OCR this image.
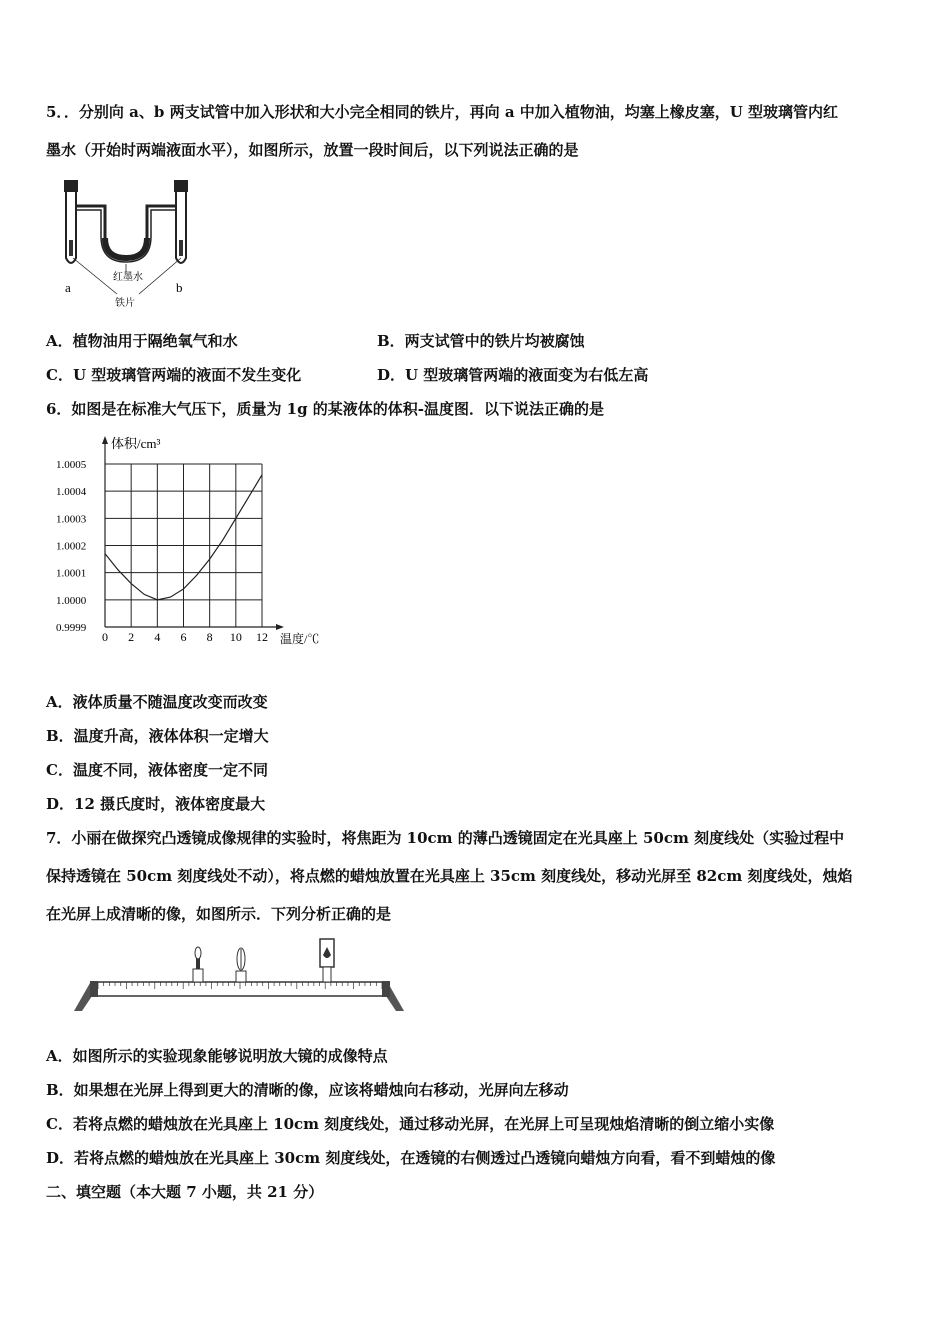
5．．分别向 a、b 两支试管中加入形状和大小完全相同的铁片，再向 a 中加入植物油，均塞上橡皮塞，U 型玻璃管内红
墨水（开始时两端液面水平），如图所示，放置一段时间后，以下列说法正确的是
红墨水
铁片
a	b
A．植物油用于隔绝氧气和水	B．两支试管中的铁片均被腐蚀
C．U 型玻璃管两端的液面不发生变化	D．U 型玻璃管两端的液面变为右低左高
6．如图是在标准大气压下，质量为 1g 的某液体的体积-温度图．以下说法正确的是
0 2 4 6 8 10 12
0.9999
1.0000
1.0001
1.0002
1.0003
1.0004
1.0005
体积/cm³
温度/℃
A．液体质量不随温度改变而改变
B．温度升高，液体体积一定增大
C．温度不同，液体密度一定不同
D．12 摄氏度时，液体密度最大
7．小丽在做探究凸透镜成像规律的实验时，将焦距为 10cm 的薄凸透镜固定在光具座上 50cm 刻度线处（实验过程中
保持透镜在 50cm 刻度线处不动），将点燃的蜡烛放置在光具座上 35cm 刻度线处，移动光屏至 82cm 刻度线处，烛焰
在光屏上成清晰的像，如图所示．下列分析正确的是
A．如图所示的实验现象能够说明放大镜的成像特点
B．如果想在光屏上得到更大的清晰的像，应该将蜡烛向右移动，光屏向左移动
C．若将点燃的蜡烛放在光具座上 10cm 刻度线处，通过移动光屏，在光屏上可呈现烛焰清晰的倒立缩小实像
D．若将点燃的蜡烛放在光具座上 30cm 刻度线处，在透镜的右侧透过凸透镜向蜡烛方向看，看不到蜡烛的像
二、填空题（本大题 7 小题，共 21 分）
